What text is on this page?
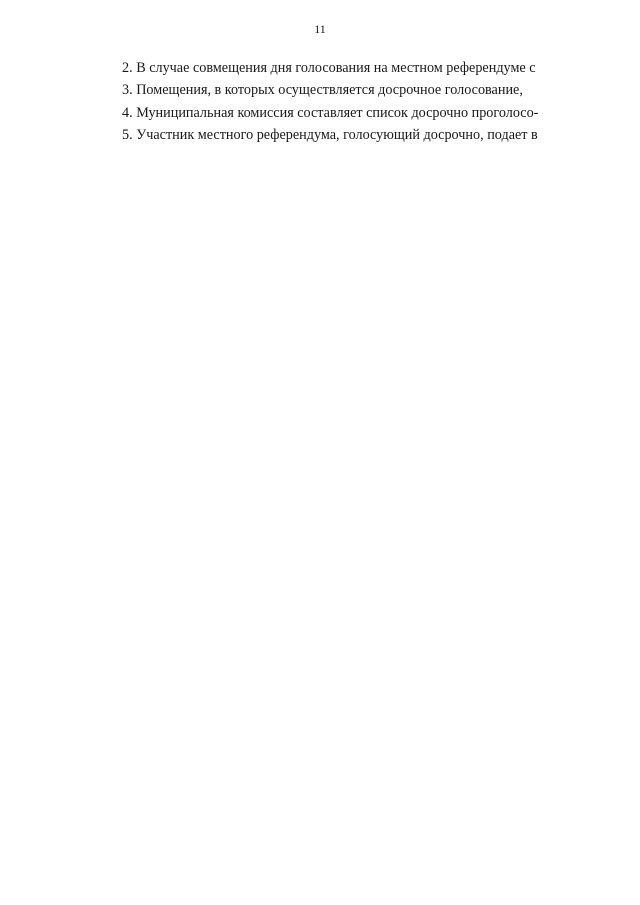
11

2. В случае совмещения дня голосования на местном референдуме с

3. Помещения, в которых осуществляется досрочное голосование,

4. Муниципальная комиссия составляет список досрочно проголосо-

5. Участник местного референдума, голосующий досрочно, подает в
